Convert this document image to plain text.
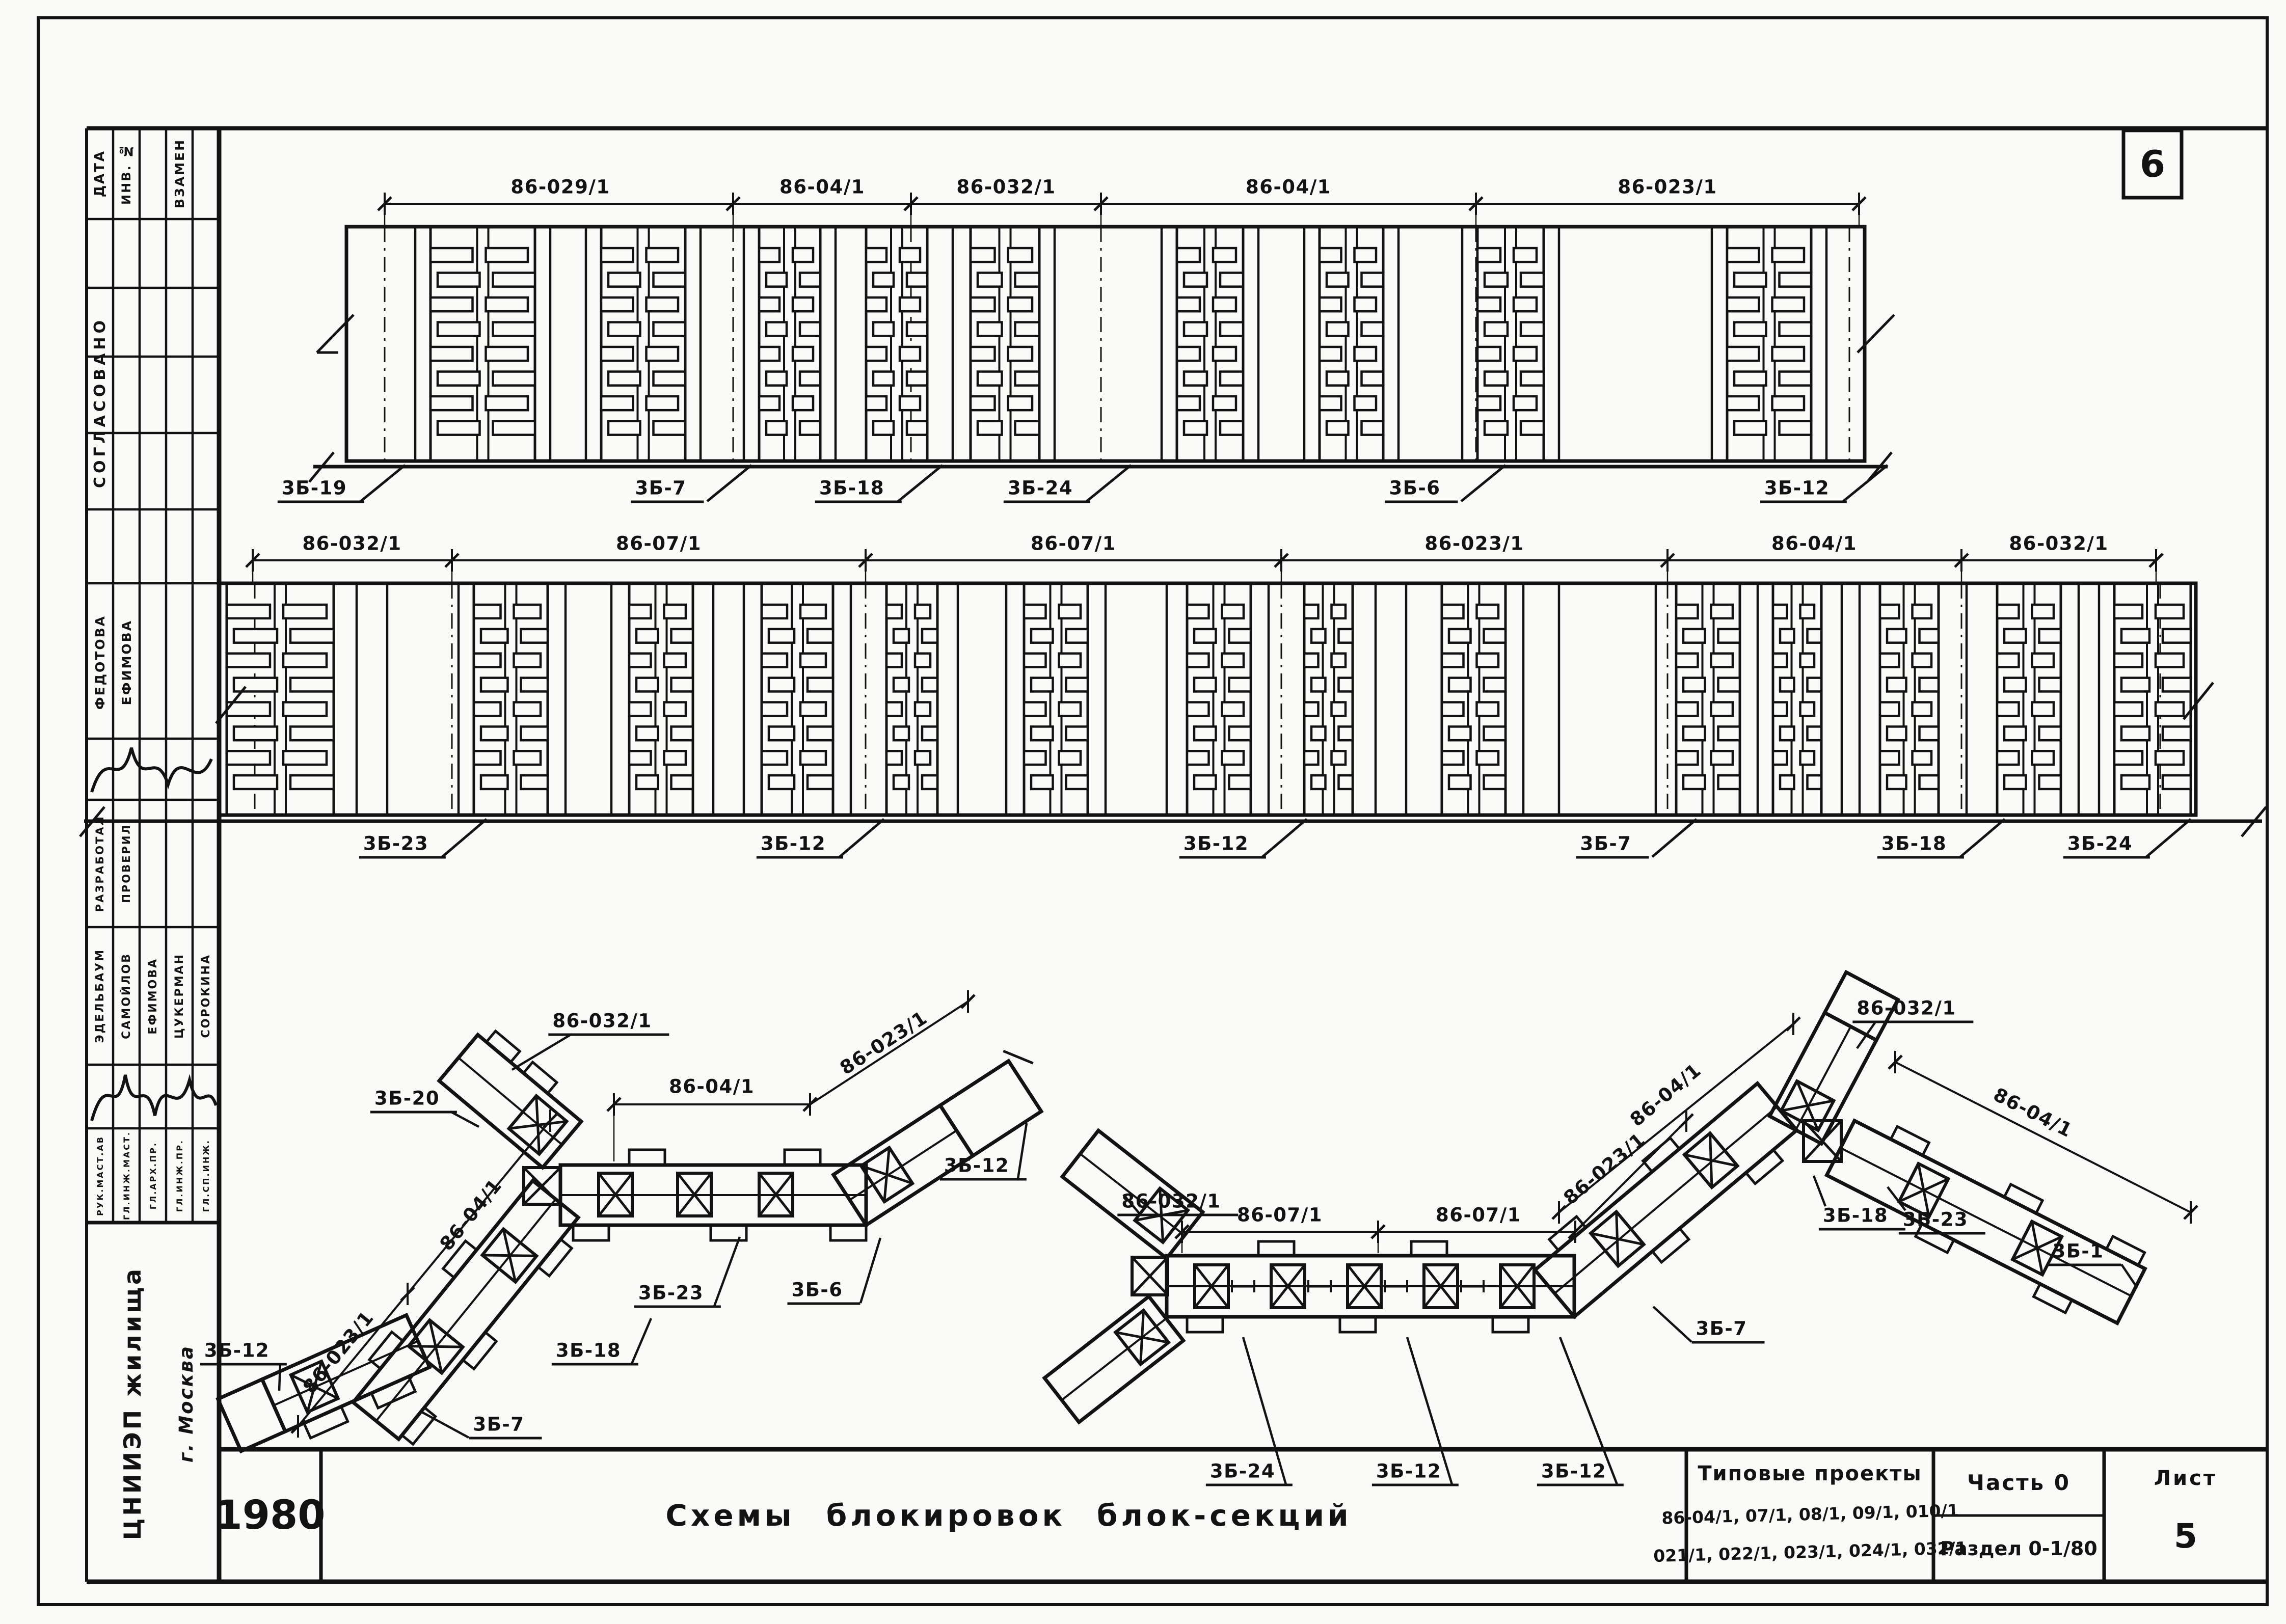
6
ДАТА ИНВ. №	ВЗАМЕН
СОГЛАСОВАНО
ФЕДОТОВА ЕФИМОВА
РАЗРАБОТАЛ ПРОВЕРИЛ
ЭДЕЛЬБАУМ САМОЙЛОВ ЕФИМОВА ЦУКЕРМАН СОРОКИНА
РУК.МАСТ.АВ ГЛ.ИНЖ.МАСТ. ГЛ.АРХ.ПР. ГЛ.ИНЖ.ПР. ГЛ.СП.ИНЖ.
ЦНИИЭП жилища г. Москва
1980	Схемы блокировок блок-секций
Типовые проекты
86-04/1, 07/1, 08/1, 09/1, 010/1
021/1, 022/1, 023/1, 024/1, 032/1
Часть 0
Раздел 0-1/80
Лист
5
86-029/1	86-04/1	86-032/1	86-04/1	86-023/1
3Б-19	3Б-7	3Б-18	3Б-24	3Б-6	3Б-12
86-032/1	86-07/1	86-07/1	86-023/1	86-04/1	86-032/1
3Б-23	3Б-12	3Б-12	3Б-7	3Б-18	3Б-24
86-032/1
3Б-20
86-04/1
86-023/1
3Б-12
3Б-23	3Б-6
3Б-18
86-04/1
86-023/1
3Б-12
3Б-7
86-032/1
86-04/1
3Б-18 3Б-23
3Б-1
86-04/1
86-023/1
86-032/1
86-07/1	86-07/1
3Б-7
3Б-24	3Б-12	3Б-12
